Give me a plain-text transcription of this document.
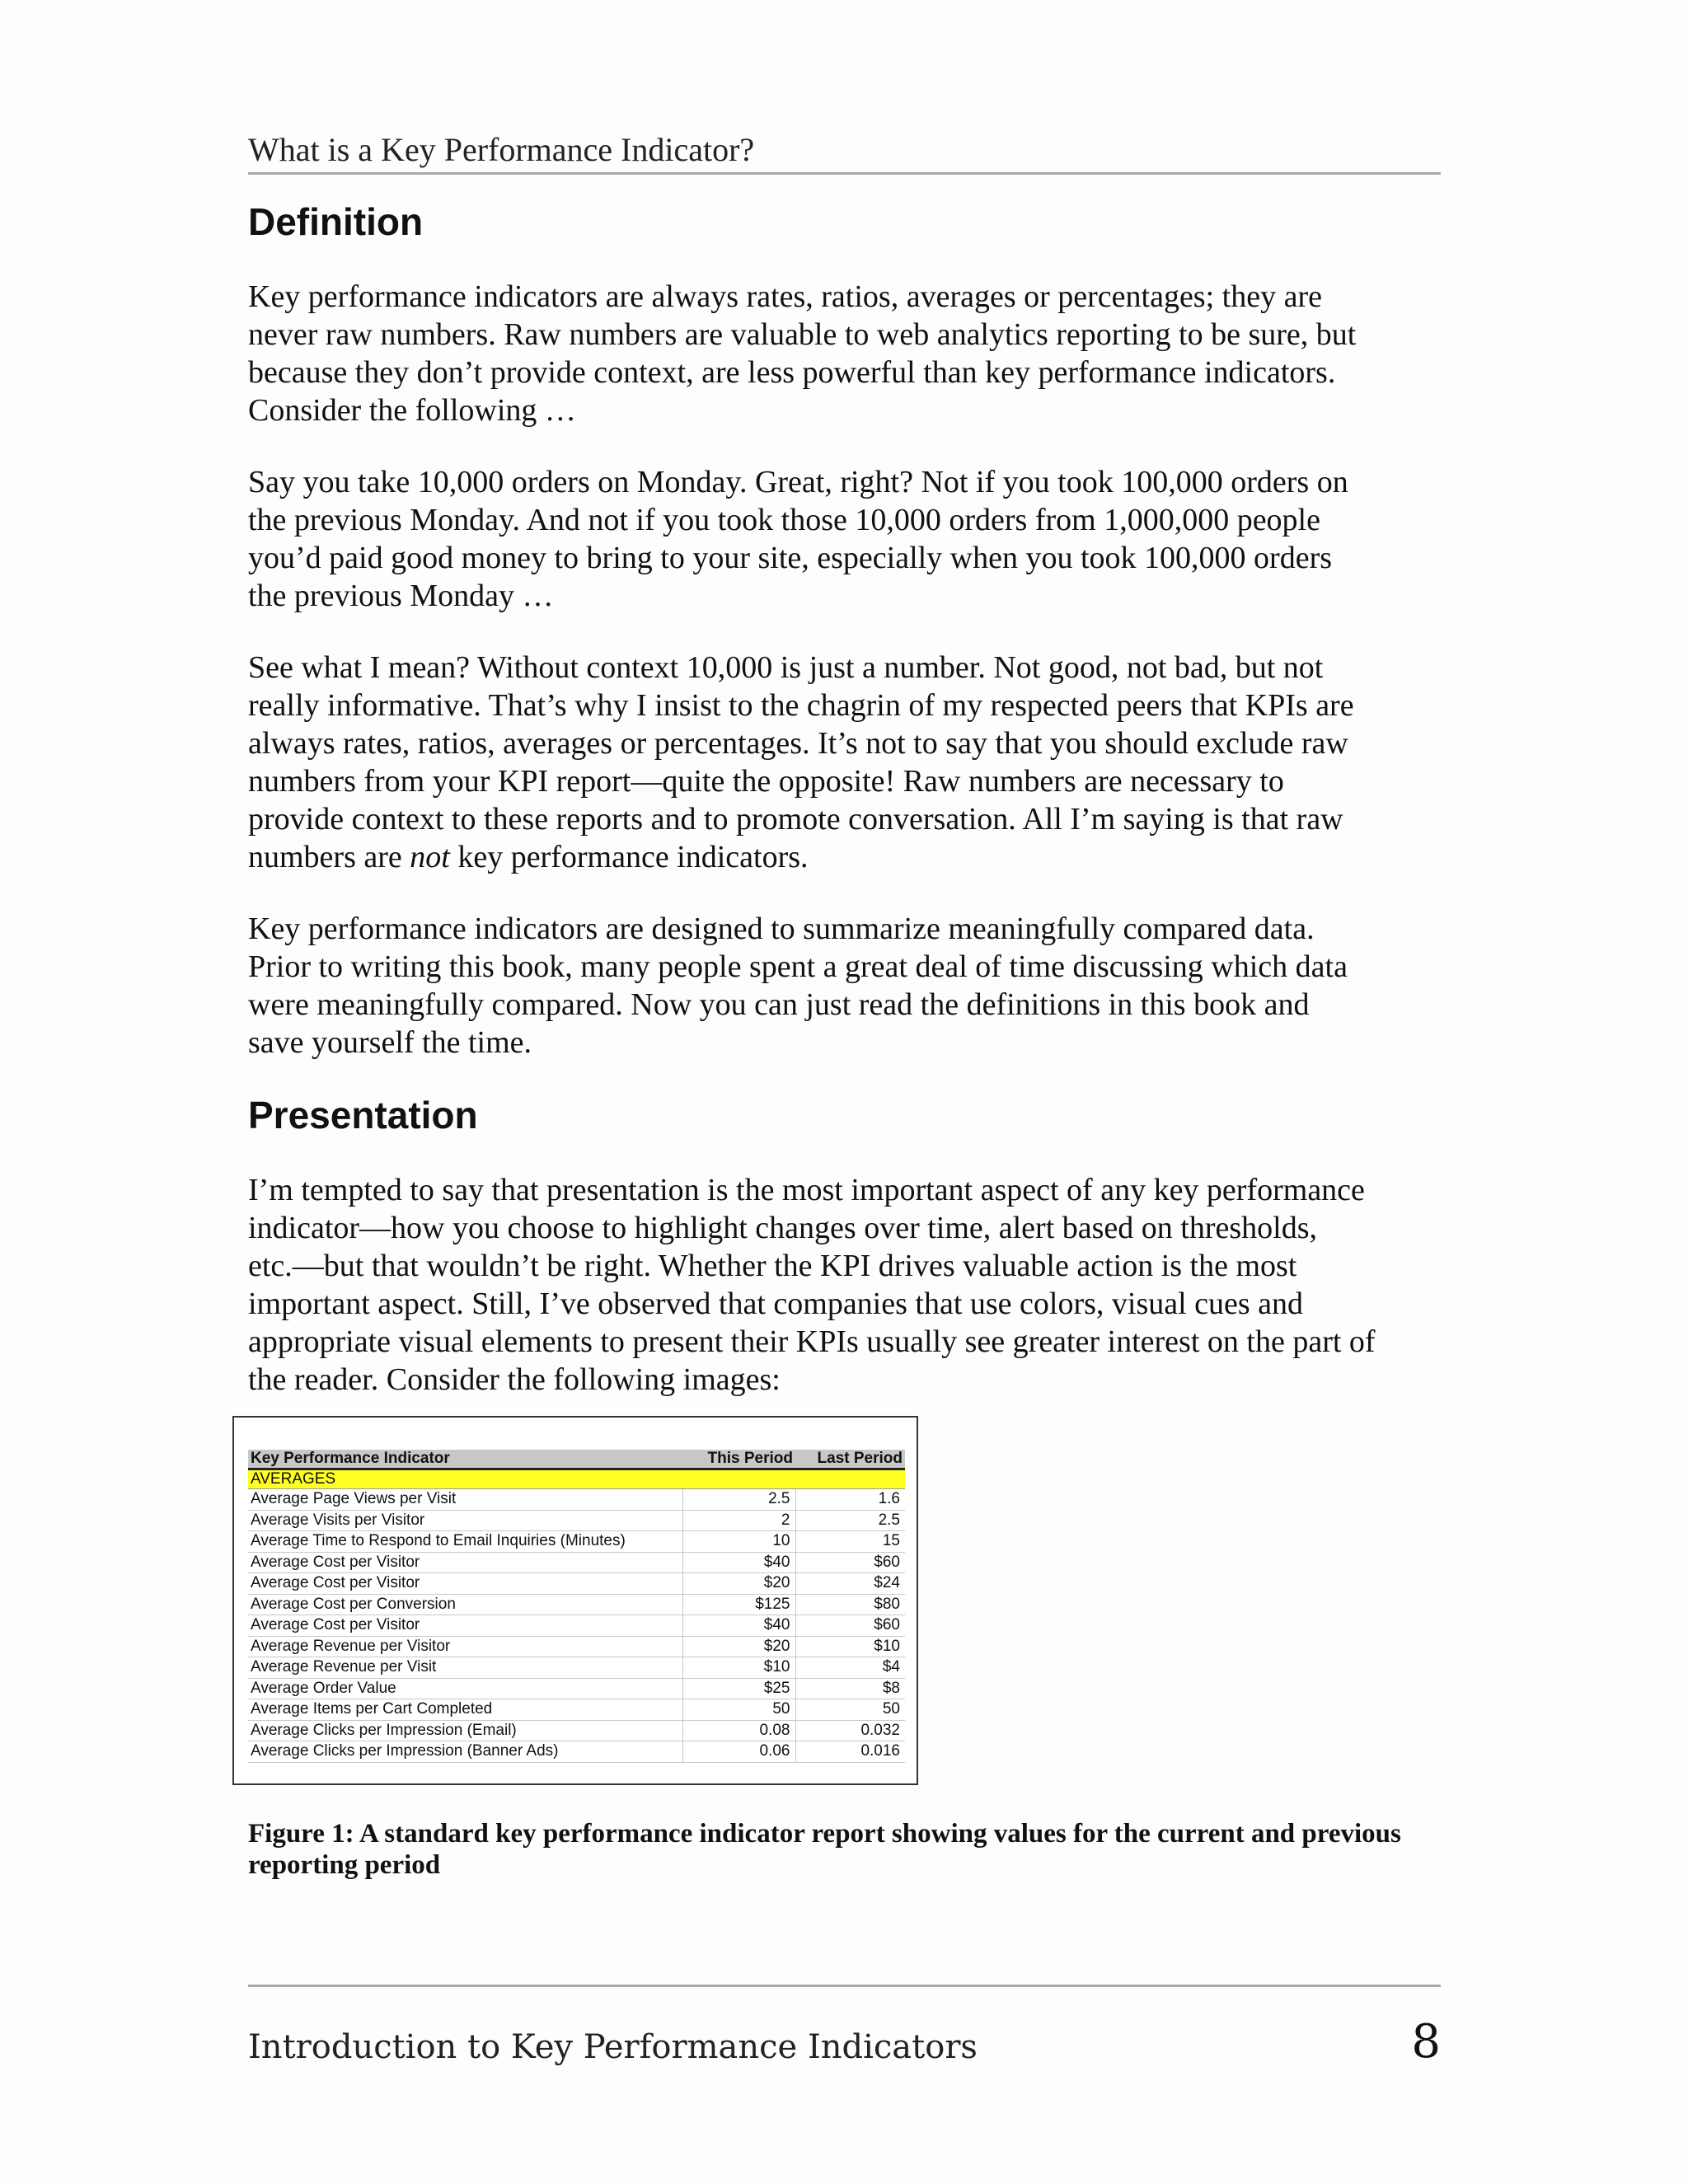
What is a Key Performance Indicator?
Definition
Key performance indicators are always rates, ratios, averages or percentages; they are
never raw numbers. Raw numbers are valuable to web analytics reporting to be sure, but
because they don’t provide context, are less powerful than key performance indicators.
Consider the following …
Say you take 10,000 orders on Monday. Great, right? Not if you took 100,000 orders on
the previous Monday. And not if you took those 10,000 orders from 1,000,000 people
you’d paid good money to bring to your site, especially when you took 100,000 orders
the previous Monday …
See what I mean? Without context 10,000 is just a number. Not good, not bad, but not
really informative. That’s why I insist to the chagrin of my respected peers that KPIs are
always rates, ratios, averages or percentages. It’s not to say that you should exclude raw
numbers from your KPI report—quite the opposite! Raw numbers are necessary to
provide context to these reports and to promote conversation. All I’m saying is that raw
numbers are not key performance indicators.
Key performance indicators are designed to summarize meaningfully compared data.
Prior to writing this book, many people spent a great deal of time discussing which data
were meaningfully compared. Now you can just read the definitions in this book and
save yourself the time.
Presentation
I’m tempted to say that presentation is the most important aspect of any key performance
indicator—how you choose to highlight changes over time, alert based on thresholds,
etc.—but that wouldn’t be right. Whether the KPI drives valuable action is the most
important aspect. Still, I’ve observed that companies that use colors, visual cues and
appropriate visual elements to present their KPIs usually see greater interest on the part of
the reader. Consider the following images:
Key Performance Indicator	This Period	Last Period
AVERAGES		
Average Page Views per Visit	2.5	1.6
Average Visits per Visitor	2	2.5
Average Time to Respond to Email Inquiries (Minutes)	10	15
Average Cost per Visitor	$40	$60
Average Cost per Visitor	$20	$24
Average Cost per Conversion	$125	$80
Average Cost per Visitor	$40	$60
Average Revenue per Visitor	$20	$10
Average Revenue per Visit	$10	$4
Average Order Value	$25	$8
Average Items per Cart Completed	50	50
Average Clicks per Impression (Email)	0.08	0.032
Average Clicks per Impression (Banner Ads)	0.06	0.016
Figure 1: A standard key performance indicator report showing values for the current and previous
reporting period
Introduction to Key Performance Indicators	8
